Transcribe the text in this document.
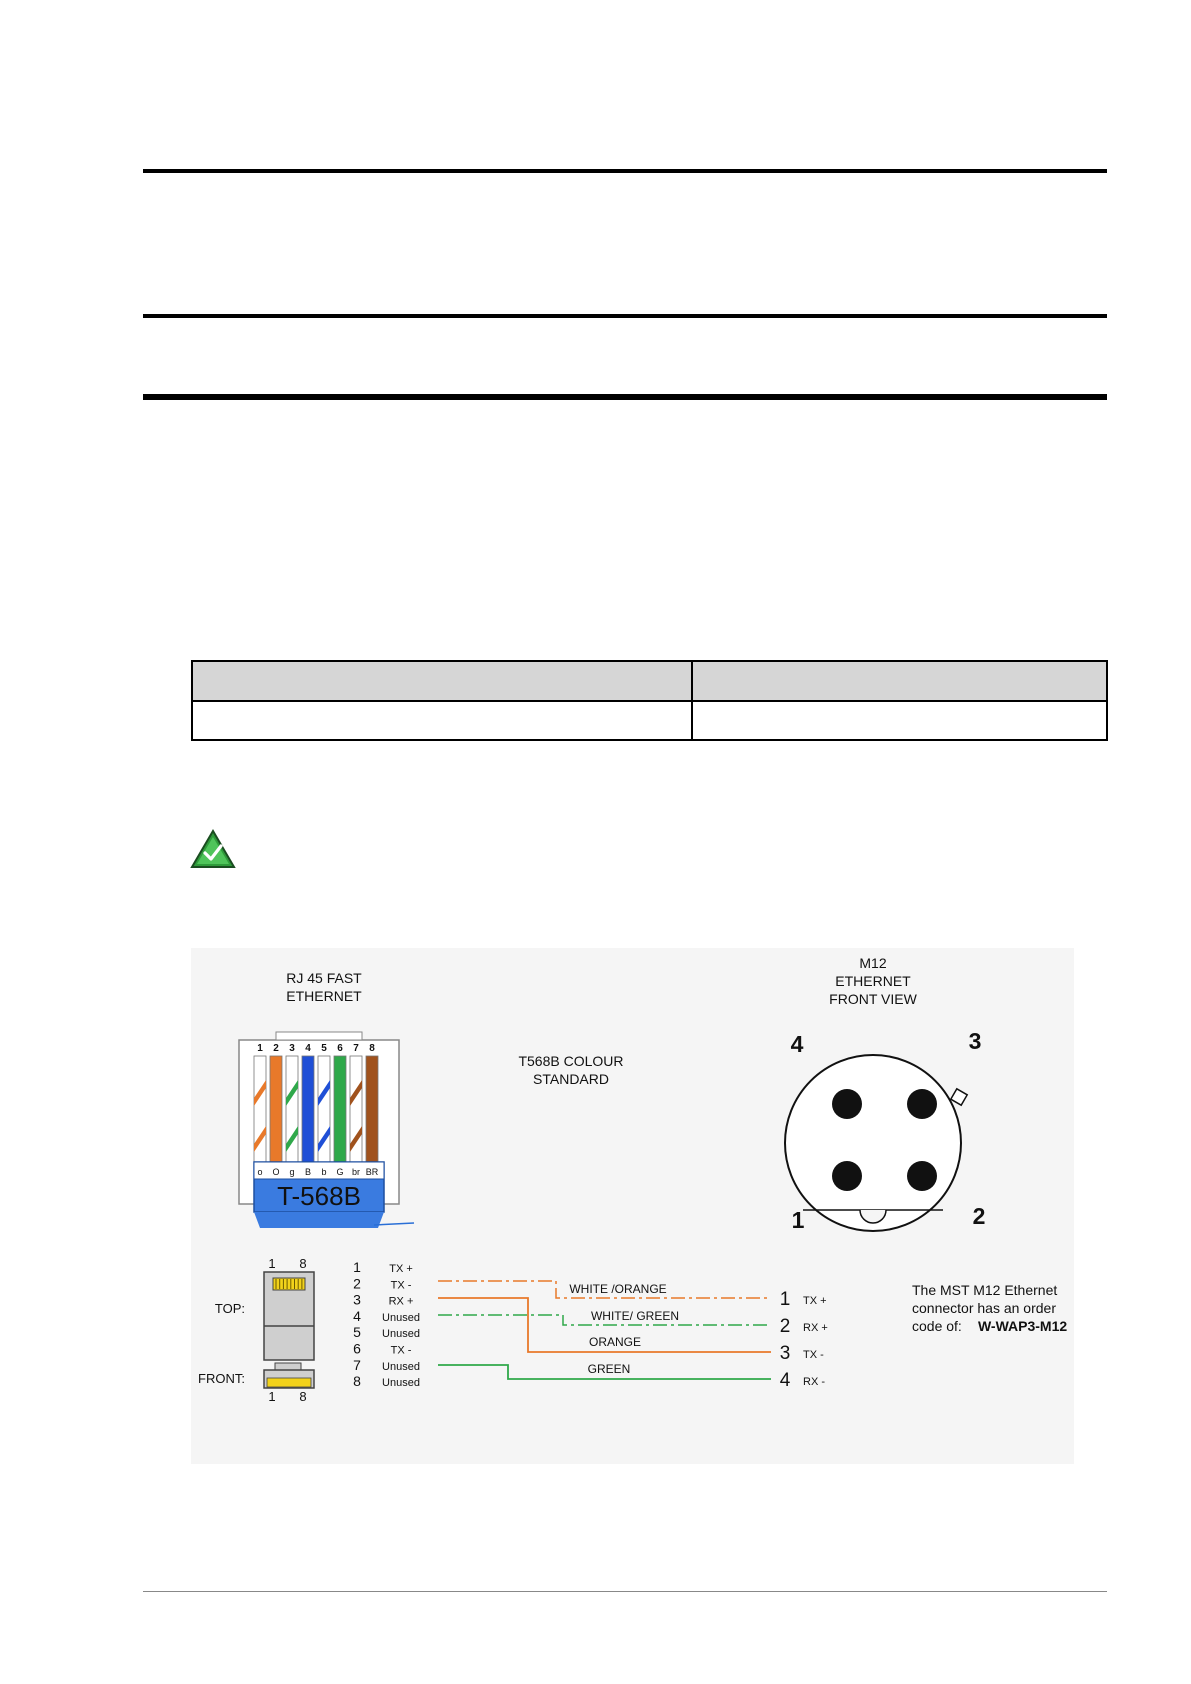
RJ 45 FAST
ETHERNET
1 2 3 4 5 6 7 8
o O g B b G br BR
T-568B
T568B COLOUR
STANDARD
M12
ETHERNET
FRONT VIEW
4	3
1	2
1 8
TOP:
FRONT:
1 8
1	TX +
2	TX -
3	RX +
4 Unused
5 Unused
6	TX -
7 Unused
8 Unused
WHITE /ORANGE
WHITE/ GREEN
ORANGE
GREEN
1 TX +
2 RX +
3 TX -
4 RX -
The MST M12 Ethernet
connector has an order
code of: W-WAP3-M12
